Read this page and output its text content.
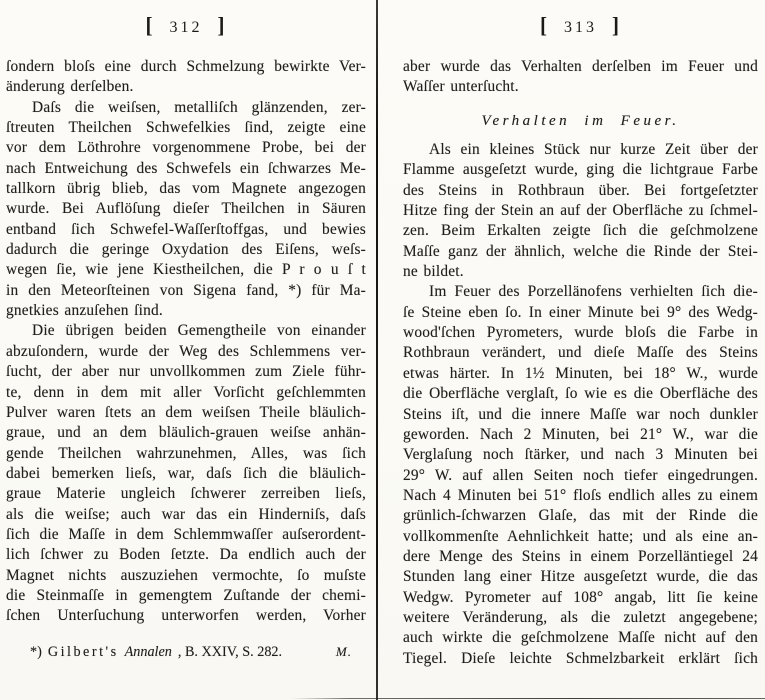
[ 312 ]
ſondern bloſs eine durch Schmelzung bewirkte Ver-
änderung derſelben.
Daſs die weiſsen, metalliſch glänzenden, zer-
ſtreuten Theilchen Schwefelkies ſind, zeigte eine
vor dem Löthrohre vorgenommene Probe, bei der
nach Entweichung des Schwefels ein ſchwarzes Me-
tallkorn übrig blieb, das vom Magnete angezogen
wurde. Bei Auflöſung dieſer Theilchen in Säuren
entband ſich Schwefel-Waſſerſtoffgas, und bewies
dadurch die geringe Oxydation des Eiſens, weſs-
wegen ſie, wie jene Kiestheilchen, die P r o u ſ t
in den Meteorſteinen von Sigena fand, *) für Ma-
gnetkies anzuſehen ſind.
Die übrigen beiden Gemengtheile von einander
abzuſondern, wurde der Weg des Schlemmens ver-
ſucht, der aber nur unvollkommen zum Ziele führ-
te, denn in dem mit aller Vorſicht geſchlemmten
Pulver waren ſtets an dem weiſsen Theile bläulich-
graue, und an dem bläulich-grauen weiſse anhän-
gende Theilchen wahrzunehmen, Alles, was ſich
dabei bemerken lieſs, war, daſs ſich die bläulich-
graue Materie ungleich ſchwerer zerreiben lieſs,
als die weiſse; auch war das ein Hinderniſs, daſs
ſich die Maſſe in dem Schlemmwaſſer auſserordent-
lich ſchwer zu Boden ſetzte. Da endlich auch der
Magnet nichts auszuziehen vermochte, ſo muſste
die Steinmaſſe in gemengtem Zuſtande der chemi-
ſchen Unterſuchung unterworfen werden, Vorher
*) Gilbert's Annalen , B. XXIV, S. 282.	M.
[ 313 ]
aber wurde das Verhalten derſelben im Feuer und
Waſſer unterſucht.
Verhalten im Feuer.
Als ein kleines Stück nur kurze Zeit über der
Flamme ausgeſetzt wurde, ging die lichtgraue Farbe
des Steins in Rothbraun über. Bei fortgeſetzter
Hitze fing der Stein an auf der Oberfläche zu ſchmel-
zen. Beim Erkalten zeigte ſich die geſchmolzene
Maſſe ganz der ähnlich, welche die Rinde der Stei-
ne bildet.
Im Feuer des Porzellänofens verhielten ſich die-
ſe Steine eben ſo. In einer Minute bei 9° des Wedg-
wood'ſchen Pyrometers, wurde bloſs die Farbe in
Rothbraun verändert, und dieſe Maſſe des Steins
etwas härter. In 1½ Minuten, bei 18° W., wurde
die Oberfläche verglaſt, ſo wie es die Oberfläche des
Steins iſt, und die innere Maſſe war noch dunkler
geworden. Nach 2 Minuten, bei 21° W., war die
Verglaſung noch ſtärker, und nach 3 Minuten bei
29° W. auf allen Seiten noch tiefer eingedrungen.
Nach 4 Minuten bei 51° floſs endlich alles zu einem
grünlich-ſchwarzen Glaſe, das mit der Rinde die
vollkommenſte Aehnlichkeit hatte; und als eine an-
dere Menge des Steins in einem Porzelläntiegel 24
Stunden lang einer Hitze ausgeſetzt wurde, die das
Wedgw. Pyrometer auf 108° angab, litt ſie keine
weitere Veränderung, als die zuletzt angegebene;
auch wirkte die geſchmolzene Maſſe nicht auf den
Tiegel. Dieſe leichte Schmelzbarkeit erklärt ſich
